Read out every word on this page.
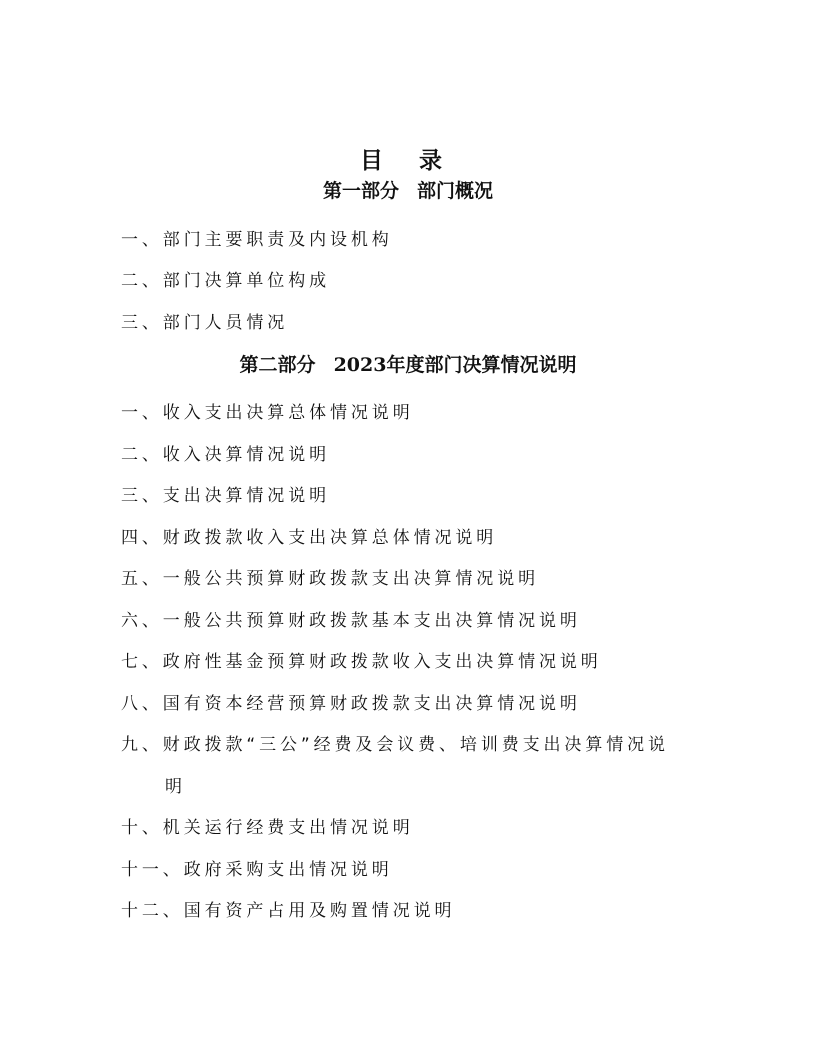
目 录
第一部分 部门概况
一、部门主要职责及内设机构
二、部门决算单位构成
三、部门人员情况
第二部分 2023年度部门决算情况说明
一、收入支出决算总体情况说明
二、收入决算情况说明
三、支出决算情况说明
四、财政拨款收入支出决算总体情况说明
五、一般公共预算财政拨款支出决算情况说明
六、一般公共预算财政拨款基本支出决算情况说明
七、政府性基金预算财政拨款收入支出决算情况说明
八、国有资本经营预算财政拨款支出决算情况说明
九、财政拨款“三公”经费及会议费、培训费支出决算情况说
明
十、机关运行经费支出情况说明
十一、政府采购支出情况说明
十二、国有资产占用及购置情况说明
